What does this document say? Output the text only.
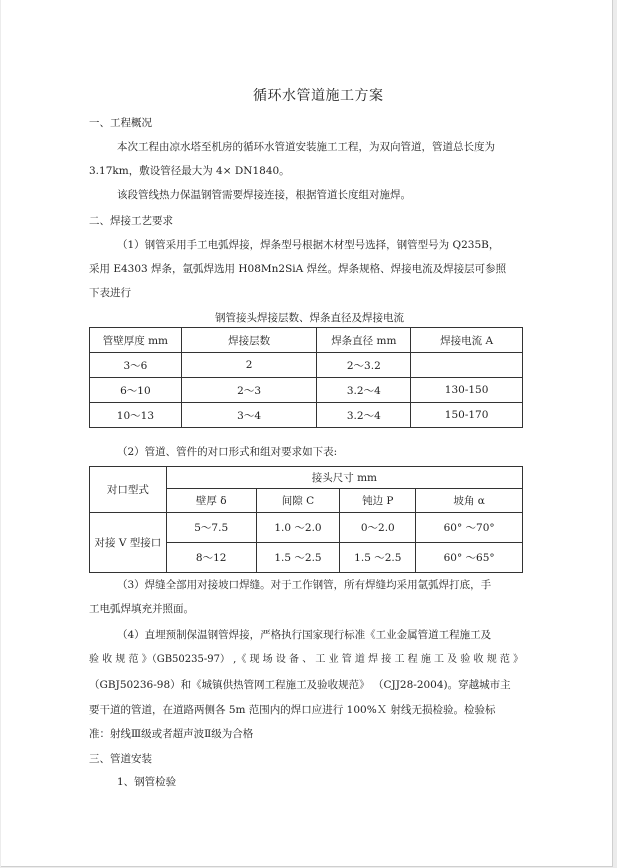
循环水管道施工方案
一、工程概况
本次工程由凉水塔至机房的循环水管道安装施工工程，为双向管道，管道总长度为
3.17km，敷设管径最大为 4× DN1840。
该段管线热力保温钢管需要焊接连接，根据管道长度组对施焊。
二、焊接工艺要求
（1）钢管采用手工电弧焊接，焊条型号根据木材型号选择，钢管型号为 Q235B，
采用 E4303 焊条，氩弧焊选用 H08Mn2SiA 焊丝。焊条规格、焊接电流及焊接层可参照
下表进行
钢管接头焊接层数、焊条直径及焊接电流
管壁厚度 mm	焊接层数	焊条直径 mm	焊接电流 A
3～6	2	2～3.2	
6～10	2～3	3.2～4	130-150
10～13	3～4	3.2～4	150-170
（2）管道、管件的对口形式和组对要求如下表:
对口型式	接头尺寸 mm			
	壁厚 δ	间隙 C	钝边 P	坡角 α
对接 V 型接口	5～7.5	1.0 ～2.0	0～2.0	60° ～70°
	8～12	1.5 ～2.5	1.5 ～2.5	60° ～65°
（3）焊缝全部用对接坡口焊缝。对于工作钢管，所有焊缝均采用氩弧焊打底，手
工电弧焊填充并照面。
（4）直埋预制保温钢管焊接，严格执行国家现行标准《工业金属管道工程施工及
验 收 规 范 》（GB50235-97） ,《 现 场 设 备 、 工 业 管 道 焊 接 工 程 施 工 及 验 收 规 范 》
（GBJ50236-98）和《城镇供热管网工程施工及验收规范》 （CJJ28-2004)。穿越城市主
要干道的管道，在道路两侧各 5m 范围内的焊口应进行 100%Ｘ 射线无损检验。检验标
准：射线Ⅲ级或者超声波Ⅱ级为合格
三、管道安装
1、钢管检验
